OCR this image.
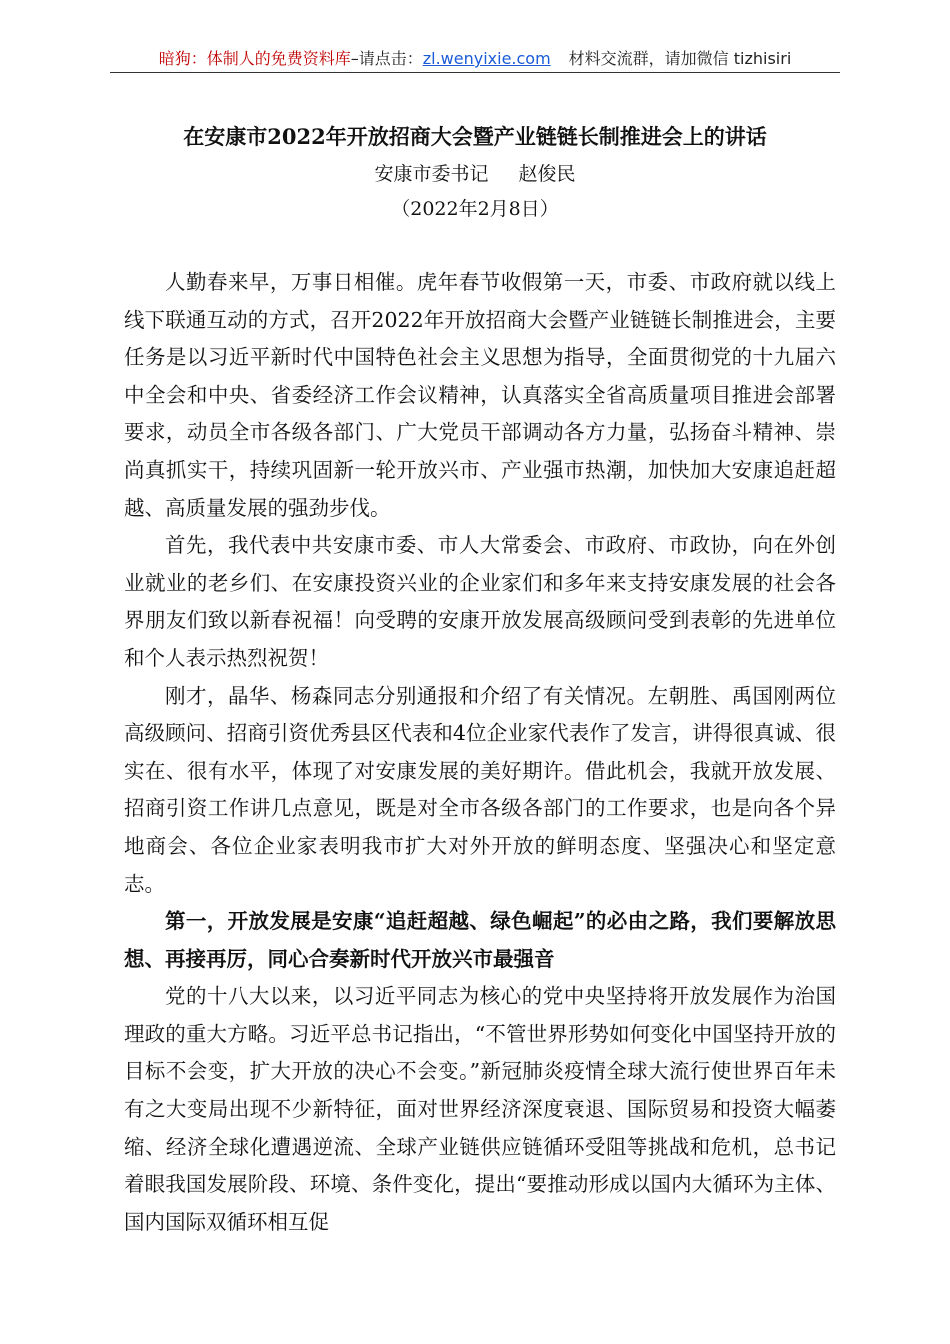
暗狗：体制人的免费资料库–请点击：zl.wenyixie.com 材料交流群，请加微信 tizhisiri
在安康市2022年开放招商大会暨产业链链长制推进会上的讲话
安康市委书记 赵俊民
（2022年2月8日）

人勤春来早，万事日相催。虎年春节收假第一天，市委、市政府就以线上线下联通互动的方式，召开2022年开放招商大会暨产业链链长制推进会，主要任务是以习近平新时代中国特色社会主义思想为指导，全面贯彻党的十九届六中全会和中央、省委经济工作会议精神，认真落实全省高质量项目推进会部署要求，动员全市各级各部门、广大党员干部调动各方力量，弘扬奋斗精神、崇尚真抓实干，持续巩固新一轮开放兴市、产业强市热潮，加快加大安康追赶超越、高质量发展的强劲步伐。

首先，我代表中共安康市委、市人大常委会、市政府、市政协，向在外创业就业的老乡们、在安康投资兴业的企业家们和多年来支持安康发展的社会各界朋友们致以新春祝福！向受聘的安康开放发展高级顾问受到表彰的先进单位和个人表示热烈祝贺！

刚才，晶华、杨森同志分别通报和介绍了有关情况。左朝胜、禹国刚两位高级顾问、招商引资优秀县区代表和4位企业家代表作了发言，讲得很真诚、很实在、很有水平，体现了对安康发展的美好期许。借此机会，我就开放发展、招商引资工作讲几点意见，既是对全市各级各部门的工作要求，也是向各个异地商会、各位企业家表明我市扩大对外开放的鲜明态度、坚强决心和坚定意志。

第一，开放发展是安康“追赶超越、绿色崛起”的必由之路，我们要解放思想、再接再厉，同心合奏新时代开放兴市最强音

党的十八大以来，以习近平同志为核心的党中央坚持将开放发展作为治国理政的重大方略。习近平总书记指出，“不管世界形势如何变化中国坚持开放的目标不会变，扩大开放的决心不会变。”新冠肺炎疫情全球大流行使世界百年未有之大变局出现不少新特征，面对世界经济深度衰退、国际贸易和投资大幅萎缩、经济全球化遭遇逆流、全球产业链供应链循环受阻等挑战和危机，总书记着眼我国发展阶段、环境、条件变化，提出“要推动形成以国内大循环为主体、国内国际双循环相互促
